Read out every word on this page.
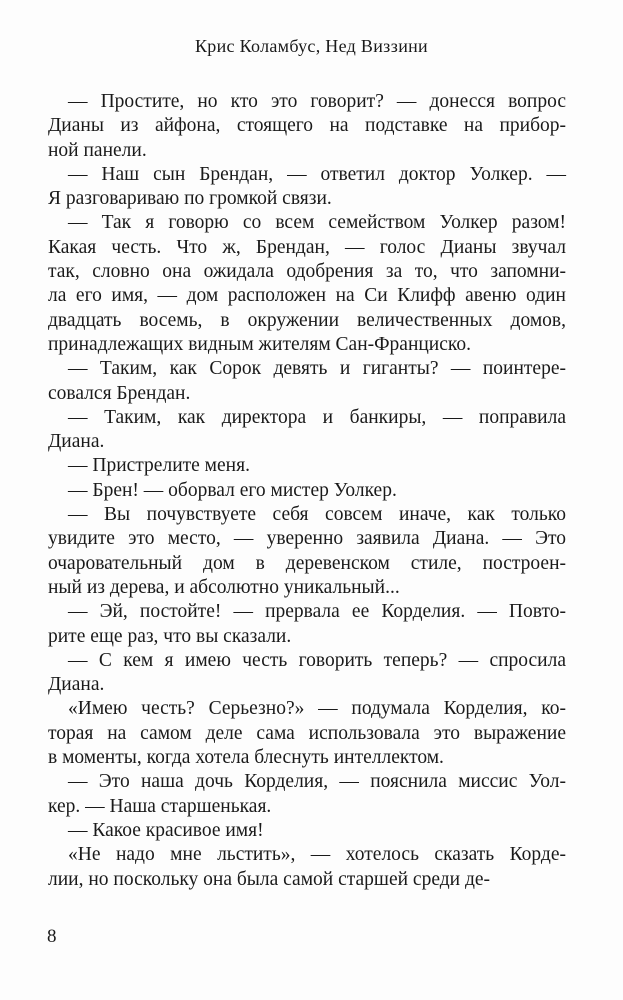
Крис Коламбус, Нед Виззини
— Простите, но кто это говорит? — донесся вопрос
Дианы из айфона, стоящего на подставке на прибор-
ной панели.
— Наш сын Брендан, — ответил доктор Уолкер. —
Я разговариваю по громкой связи.
— Так я говорю со всем семейством Уолкер разом!
Какая честь. Что ж, Брендан, — голос Дианы звучал
так, словно она ожидала одобрения за то, что запомни-
ла его имя, — дом расположен на Си Клифф авеню один
двадцать восемь, в окружении величественных домов,
принадлежащих видным жителям Сан-Франциско.
— Таким, как Сорок девять и гиганты? — поинтере-
совался Брендан.
— Таким, как директора и банкиры, — поправила
Диана.
— Пристрелите меня.
— Брен! — оборвал его мистер Уолкер.
— Вы почувствуете себя совсем иначе, как только
увидите это место, — уверенно заявила Диана. — Это
очаровательный дом в деревенском стиле, построен-
ный из дерева, и абсолютно уникальный...
— Эй, постойте! — прервала ее Корделия. — Повто-
рите еще раз, что вы сказали.
— С кем я имею честь говорить теперь? — спросила
Диана.
«Имею честь? Серьезно?» — подумала Корделия, ко-
торая на самом деле сама использовала это выражение
в моменты, когда хотела блеснуть интеллектом.
— Это наша дочь Корделия, — пояснила миссис Уол-
кер. — Наша старшенькая.
— Какое красивое имя!
«Не надо мне льстить», — хотелось сказать Корде-
лии, но поскольку она была самой старшей среди де-
8
